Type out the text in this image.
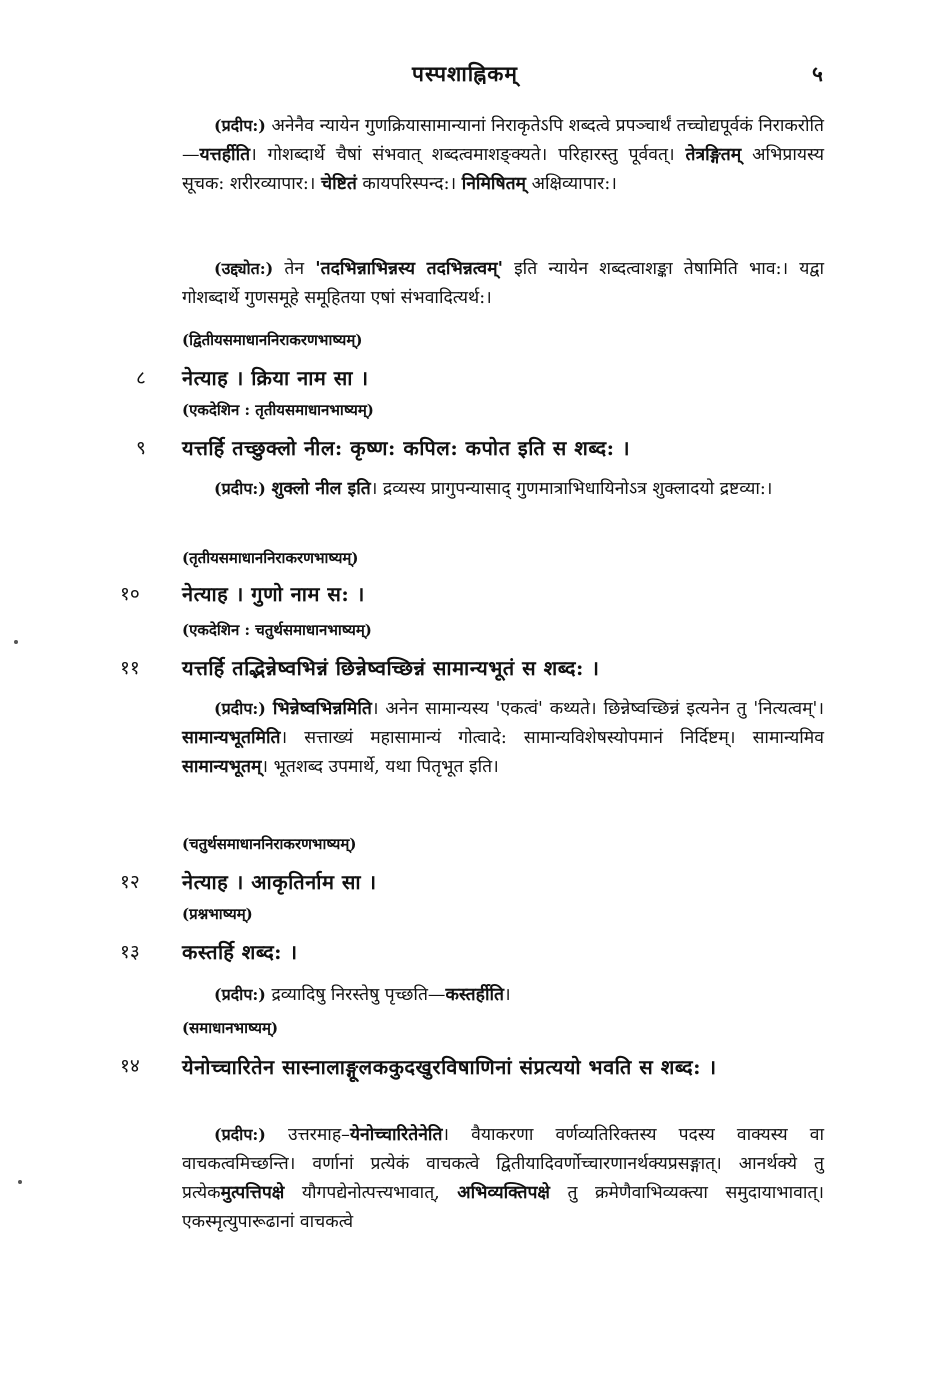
पस्पशाह्निकम्	५
(प्रदीप:) अनेनैव न्यायेन गुणक्रियासामान्यानां निराकृतेऽपि शब्दत्वे प्रपञ्चार्थं तच्चोद्यपूर्वकं निराकरोति—यत्तर्हीति। गोशब्दार्थे चैषां संभवात् शब्दत्वमाशङ्क्यते। परिहारस्तु पूर्ववत्। तेत्रङ्गितम् अभिप्रायस्य सूचक: शरीरव्यापार:। चेष्टितं कायपरिस्पन्द:। निमिषितम् अक्षिव्यापार:।
(उद्द्योत:) तेन 'तदभिन्नाभिन्नस्य तदभिन्नत्वम्' इति न्यायेन शब्दत्वाशङ्का तेषामिति भाव:। यद्वा गोशब्दार्थे गुणसमूहे समूहितया एषां संभवादित्यर्थ:।
(द्वितीयसमाधाननिराकरणभाष्यम्)
८ नेत्याह । क्रिया नाम सा ।
(एकदेशिन : तृतीयसमाधानभाष्यम्)
९ यत्तर्हि तच्छुक्लो नील: कृष्ण: कपिल: कपोत इति स शब्द: ।
(प्रदीप:) शुक्लो नील इति। द्रव्यस्य प्रागुपन्यासाद् गुणमात्राभिधायिनोऽत्र शुक्लादयो द्रष्टव्या:।
(तृतीयसमाधाननिराकरणभाष्यम्)
१० नेत्याह । गुणो नाम स: ।
(एकदेशिन : चतुर्थसमाधानभाष्यम्)
११ यत्तर्हि तद्भिन्नेष्वभिन्नं छिन्नेष्वच्छिन्नं सामान्यभूतं स शब्द: ।
(प्रदीप:) भिन्नेष्वभिन्नमिति। अनेन सामान्यस्य 'एकत्वं' कथ्यते। छिन्नेष्वच्छिन्नं इत्यनेन तु 'नित्यत्वम्'। सामान्यभूतमिति। सत्ताख्यं महासामान्यं गोत्वादे: सामान्यविशेषस्योपमानं निर्दिष्टम्। सामान्यमिव सामान्यभूतम्। भूतशब्द उपमार्थे, यथा पितृभूत इति।
(चतुर्थसमाधाननिराकरणभाष्यम्)
१२ नेत्याह । आकृतिर्नाम सा ।
(प्रश्नभाष्यम्)
१३ कस्तर्हि शब्द: ।
(प्रदीप:) द्रव्यादिषु निरस्तेषु पृच्छति—कस्तर्हीति।
(समाधानभाष्यम्)
१४ येनोच्चारितेन सास्नालाङ्गूलककुदखुरविषाणिनां संप्रत्ययो भवति स शब्द: ।
(प्रदीप:) उत्तरमाह–येनोच्चारितेनेति। वैयाकरणा वर्णव्यतिरिक्तस्य पदस्य वाक्यस्य वा वाचकत्वमिच्छन्ति। वर्णानां प्रत्येकं वाचकत्वे द्वितीयादिवर्णोच्चारणानर्थक्यप्रसङ्गात्। आनर्थक्ये तु प्रत्येकमुत्पत्तिपक्षे यौगपद्येनोत्पत्त्यभावात्, अभिव्यक्तिपक्षे तु क्रमेणैवाभिव्यक्त्या समुदायाभावात्। एकस्मृत्युपारूढानां वाचकत्वे
